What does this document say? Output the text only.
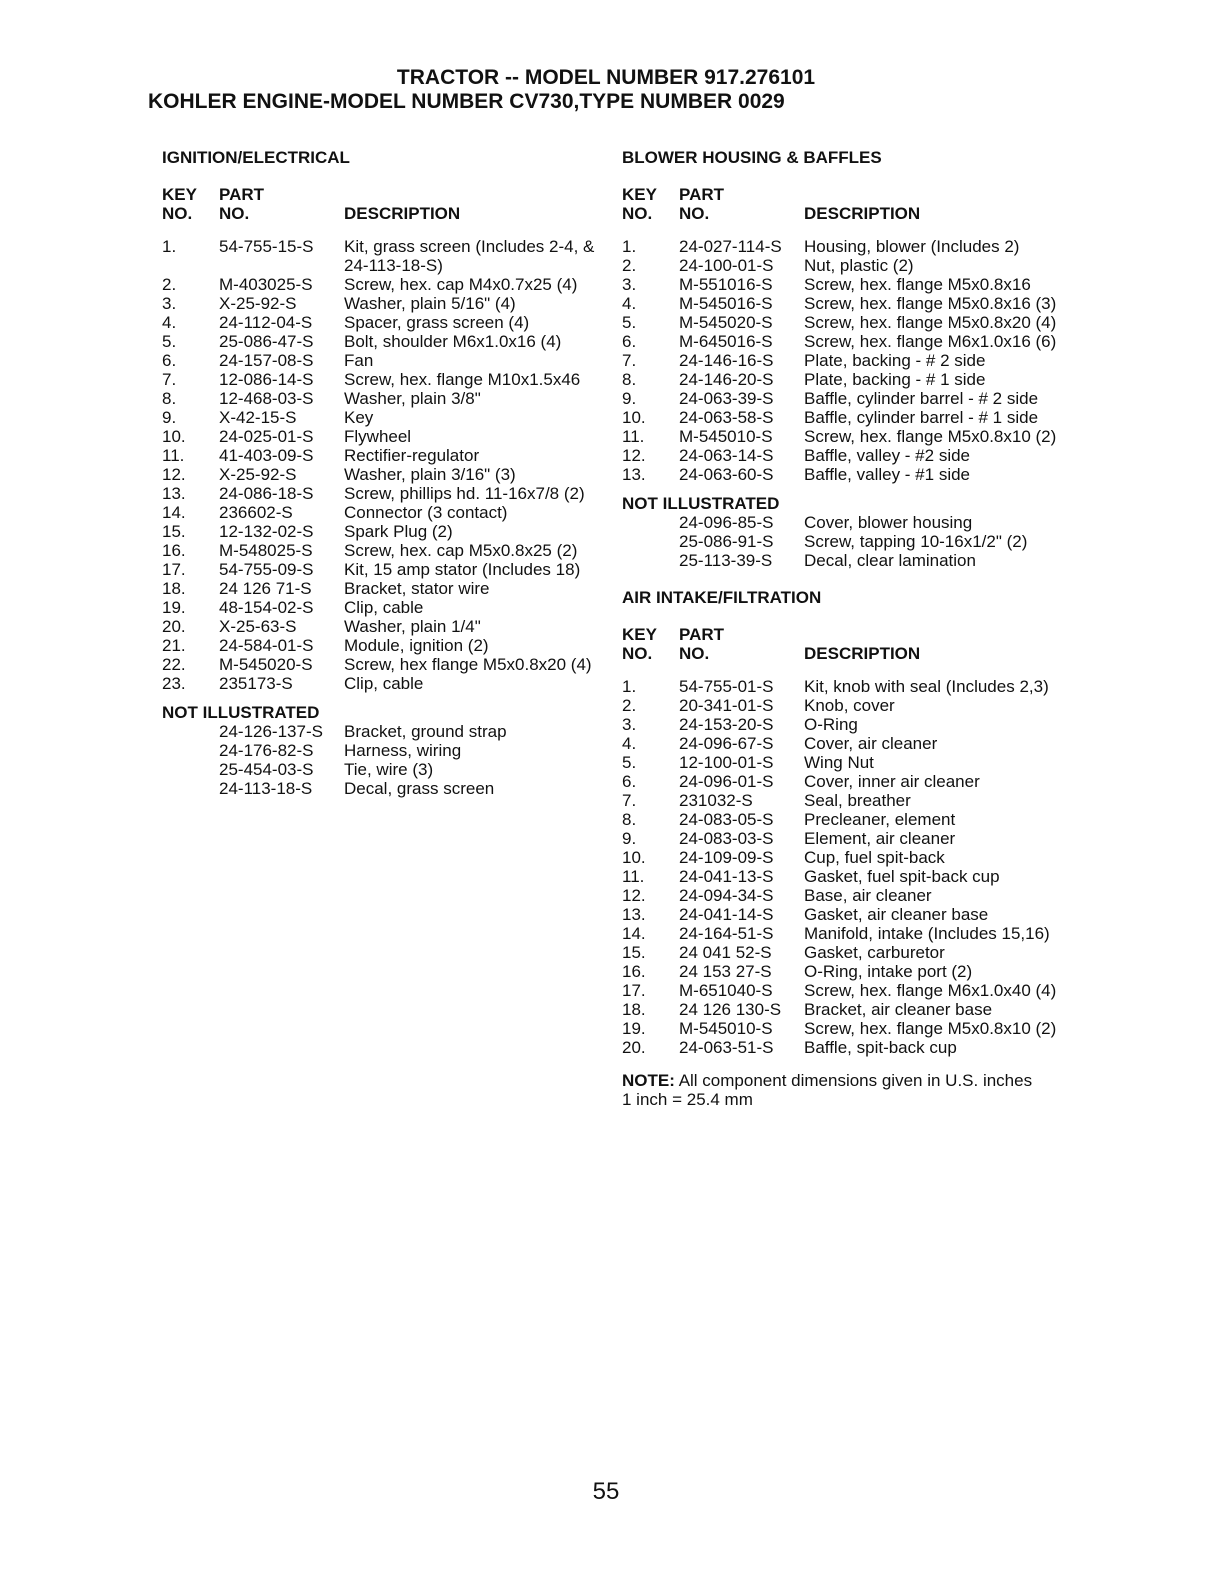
TRACTOR -- MODEL NUMBER 917.276101
KOHLER ENGINE-MODEL NUMBER CV730,TYPE NUMBER 0029
IGNITION/ELECTRICAL
KEY
NO.
PART
NO.	DESCRIPTION
1.	54-755-15-S	Kit, grass screen (Includes 2-4, & 24-113-18-S)
2.	M-403025-S	Screw, hex. cap M4x0.7x25 (4)
3.	X-25-92-S	Washer, plain 5/16" (4)
4.	24-112-04-S	Spacer, grass screen (4)
5.	25-086-47-S	Bolt, shoulder M6x1.0x16 (4)
6.	24-157-08-S	Fan
7.	12-086-14-S	Screw, hex. flange M10x1.5x46
8.	12-468-03-S	Washer, plain 3/8"
9.	X-42-15-S	Key
10.	24-025-01-S	Flywheel
11.	41-403-09-S	Rectifier-regulator
12.	X-25-92-S	Washer, plain 3/16" (3)
13.	24-086-18-S	Screw, phillips hd. 11-16x7/8 (2)
14.	236602-S	Connector (3 contact)
15.	12-132-02-S	Spark Plug (2)
16.	M-548025-S	Screw, hex. cap M5x0.8x25 (2)
17.	54-755-09-S	Kit, 15 amp stator (Includes 18)
18.	24 126 71-S	Bracket, stator wire
19.	48-154-02-S	Clip, cable
20.	X-25-63-S	Washer, plain 1/4"
21.	24-584-01-S	Module, ignition (2)
22.	M-545020-S	Screw, hex flange M5x0.8x20 (4)
23.	235173-S	Clip, cable
NOT ILLUSTRATED
24-126-137-S	Bracket, ground strap
24-176-82-S	Harness, wiring
25-454-03-S	Tie, wire (3)
24-113-18-S	Decal, grass screen
BLOWER HOUSING & BAFFLES
KEY
NO.
PART
NO.	DESCRIPTION
1.	24-027-114-S	Housing, blower (Includes 2)
2.	24-100-01-S	Nut, plastic (2)
3.	M-551016-S	Screw, hex. flange M5x0.8x16
4.	M-545016-S	Screw, hex. flange M5x0.8x16 (3)
5.	M-545020-S	Screw, hex. flange M5x0.8x20 (4)
6.	M-645016-S	Screw, hex. flange M6x1.0x16 (6)
7.	24-146-16-S	Plate, backing - # 2 side
8.	24-146-20-S	Plate, backing - # 1 side
9.	24-063-39-S	Baffle, cylinder barrel - # 2 side
10.	24-063-58-S	Baffle, cylinder barrel - # 1 side
11.	M-545010-S	Screw, hex. flange M5x0.8x10 (2)
12.	24-063-14-S	Baffle, valley - #2 side
13.	24-063-60-S	Baffle, valley - #1 side
NOT ILLUSTRATED
24-096-85-S	Cover, blower housing
25-086-91-S	Screw, tapping 10-16x1/2" (2)
25-113-39-S	Decal, clear lamination
AIR INTAKE/FILTRATION
KEY
NO.
PART
NO.	DESCRIPTION
1.	54-755-01-S	Kit, knob with seal (Includes 2,3)
2.	20-341-01-S	Knob, cover
3.	24-153-20-S	O-Ring
4.	24-096-67-S	Cover, air cleaner
5.	12-100-01-S	Wing Nut
6.	24-096-01-S	Cover, inner air cleaner
7.	231032-S	Seal, breather
8.	24-083-05-S	Precleaner, element
9.	24-083-03-S	Element, air cleaner
10.	24-109-09-S	Cup, fuel spit-back
11.	24-041-13-S	Gasket, fuel spit-back cup
12.	24-094-34-S	Base, air cleaner
13.	24-041-14-S	Gasket, air cleaner base
14.	24-164-51-S	Manifold, intake (Includes 15,16)
15.	24 041 52-S	Gasket, carburetor
16.	24 153 27-S	O-Ring, intake port (2)
17.	M-651040-S	Screw, hex. flange M6x1.0x40 (4)
18.	24 126 130-S	Bracket, air cleaner base
19.	M-545010-S	Screw, hex. flange M5x0.8x10 (2)
20.	24-063-51-S	Baffle, spit-back cup
NOTE: All component dimensions given in U.S. inches 1 inch = 25.4 mm
55
